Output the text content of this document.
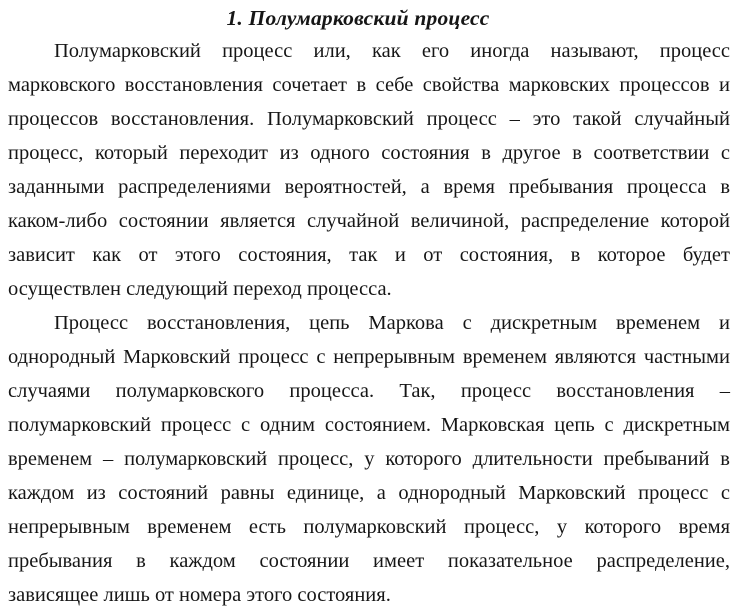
1. Полумарковский процесс
Полумарковский процесс или, как его иногда называют, процесс
марковского восстановления сочетает в себе свойства марковских процессов и
процессов восстановления. Полумарковский процесс – это такой случайный
процесс, который переходит из одного состояния в другое в соответствии с
заданными распределениями вероятностей, а время пребывания процесса в
каком-либо состоянии является случайной величиной, распределение которой
зависит как от этого состояния, так и от состояния, в которое будет
осуществлен следующий переход процесса.
Процесс восстановления, цепь Маркова с дискретным временем и
однородный Марковский процесс с непрерывным временем являются частными
случаями полумарковского процесса. Так, процесс восстановления –
полумарковский процесс с одним состоянием. Марковская цепь с дискретным
временем – полумарковский процесс, у которого длительности пребываний в
каждом из состояний равны единице, а однородный Марковский процесс с
непрерывным временем есть полумарковский процесс, у которого время
пребывания в каждом состоянии имеет показательное распределение,
зависящее лишь от номера этого состояния.
